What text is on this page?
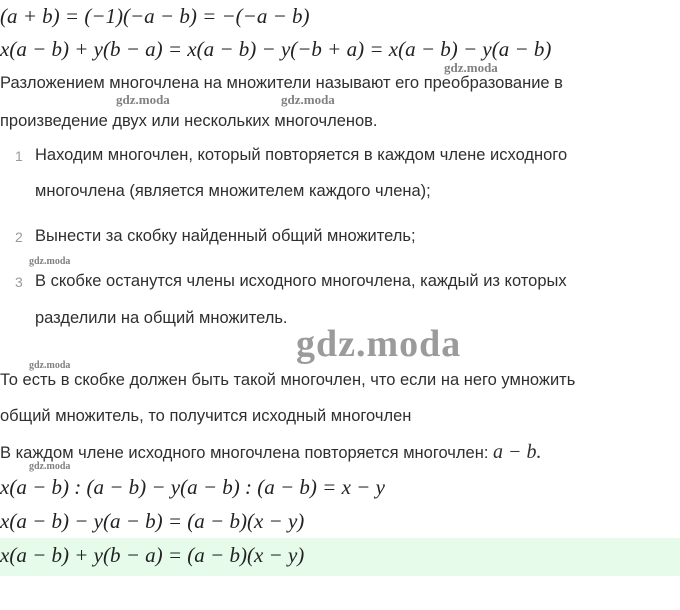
(a + b) = (−1)(−a − b) = −(−a − b)
x(a − b) + y(b − a) = x(a − b) − y(−b + a) = x(a − b) − y(a − b)
Разложением многочлена на множители называют его преобразование в
произведение двух или нескольких многочленов.
1 Находим многочлен, который повторяется в каждом члене исходного
многочлена (является множителем каждого члена);
2 Вынести за скобку найденный общий множитель;
3 В скобке останутся члены исходного многочлена, каждый из которых
разделили на общий множитель.
То есть в скобке должен быть такой многочлен, что если на него умножить
общий множитель, то получится исходный многочлен
В каждом члене исходного многочлена повторяется многочлен: a − b.
x(a − b) : (a − b) − y(a − b) : (a − b) = x − y
x(a − b) − y(a − b) = (a − b)(x − y)
x(a − b) + y(b − a) = (a − b)(x − y)
gdz.moda
gdz.moda	gdz.moda
gdz.moda
gdz.moda
gdz.moda
gdz.moda
